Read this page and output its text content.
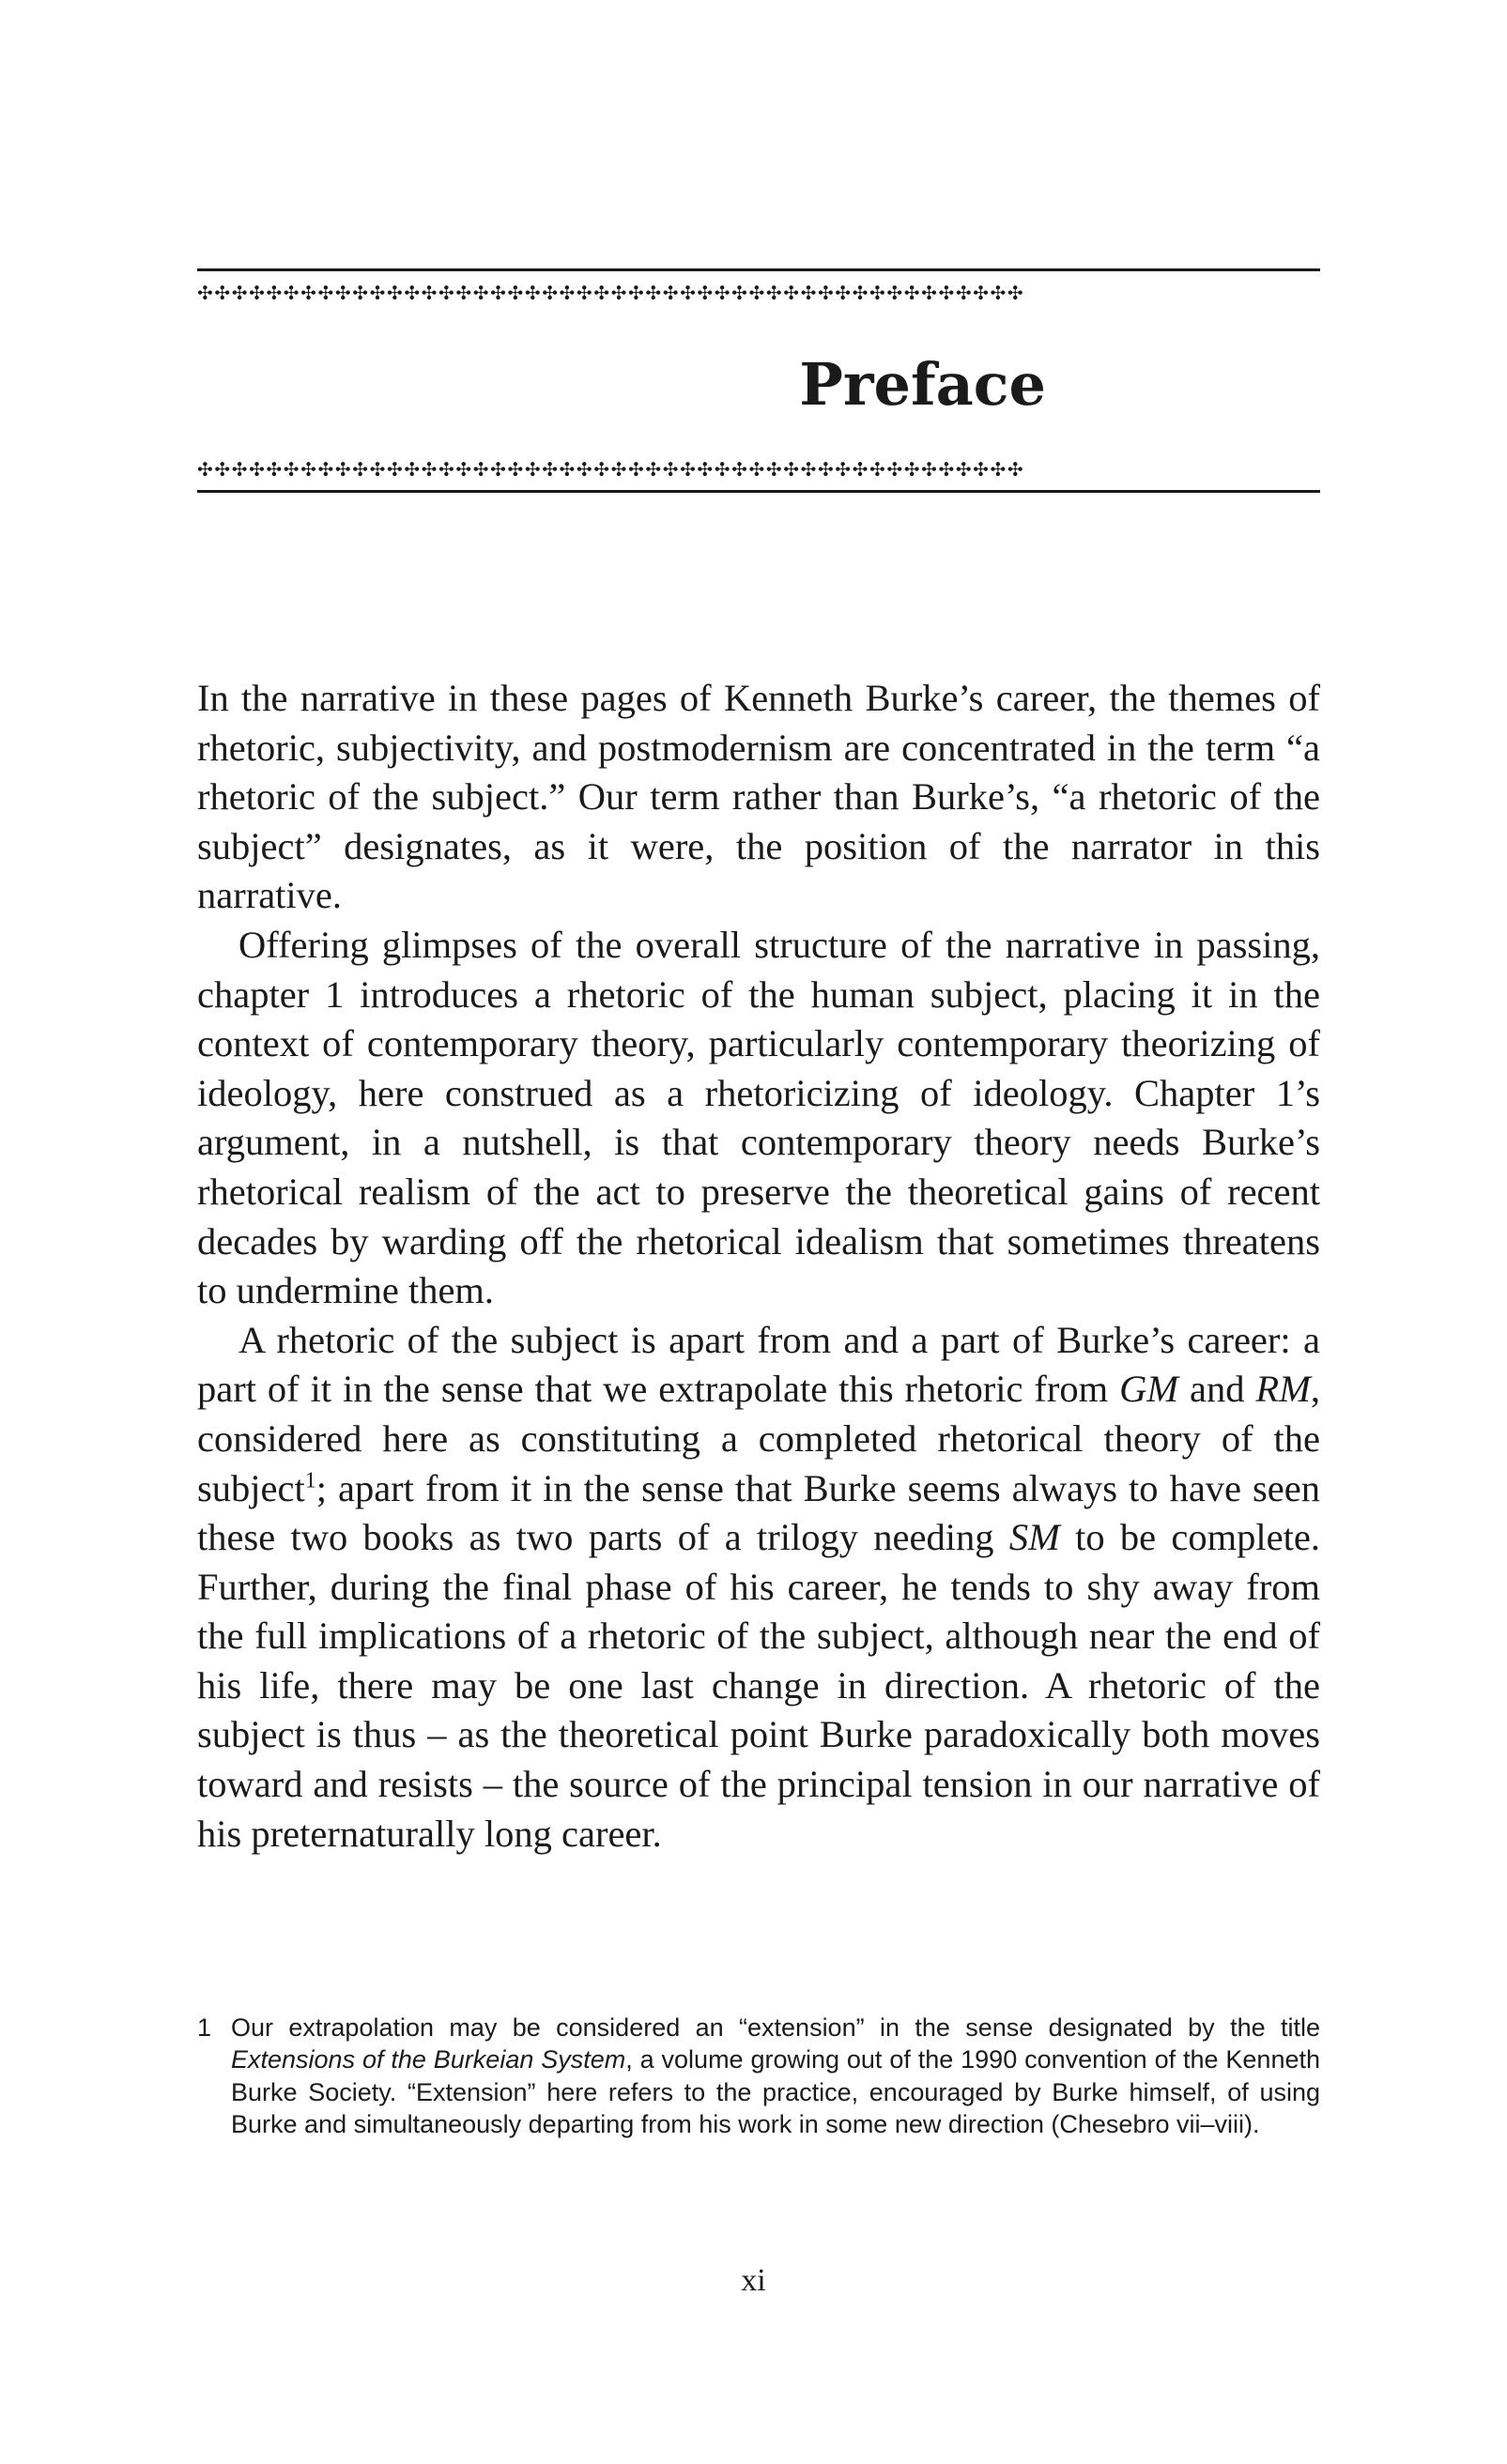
✣✣✣✣✣✣✣✣✣✣✣✣✣✣✣✣✣✣✣✣✣✣✣✣✣✣✣✣✣✣✣✣✣✣✣✣✣✣✣✣✣✣✣✣✣✣✣✣
Preface
✣✣✣✣✣✣✣✣✣✣✣✣✣✣✣✣✣✣✣✣✣✣✣✣✣✣✣✣✣✣✣✣✣✣✣✣✣✣✣✣✣✣✣✣✣✣✣✣

In the narrative in these pages of Kenneth Burke’s career, the themes of rhetoric, subjectivity, and postmodernism are concentrated in the term “a rhetoric of the subject.” Our term rather than Burke’s, “a rhetoric of the subject” designates, as it were, the position of the narrator in this narrative.

Offering glimpses of the overall structure of the narrative in passing, chapter 1 introduces a rhetoric of the human subject, placing it in the context of contemporary theory, particularly contemporary theorizing of ideology, here construed as a rhetoricizing of ideology. Chapter 1’s argument, in a nutshell, is that contemporary theory needs Burke’s rhetorical realism of the act to preserve the theoretical gains of recent decades by warding off the rhetorical idealism that sometimes threatens to undermine them.

A rhetoric of the subject is apart from and a part of Burke’s career: a part of it in the sense that we extrapolate this rhetoric from GM and RM, considered here as constituting a completed rhetorical theory of the subject$^1$; apart from it in the sense that Burke seems always to have seen these two books as two parts of a trilogy needing SM to be complete. Further, during the final phase of his career, he tends to shy away from the full implications of a rhetoric of the subject, although near the end of his life, there may be one last change in direction. A rhetoric of the subject is thus – as the theoretical point Burke paradoxically both moves toward and resists – the source of the principal tension in our narrative of his preternaturally long career.

1 Our extrapolation may be considered an “extension” in the sense designated by the title Extensions of the Burkeian System, a volume growing out of the 1990 convention of the Kenneth Burke Society. “Extension” here refers to the practice, encouraged by Burke himself, of using Burke and simultaneously departing from his work in some new direction (Chesebro vii–viii).
xi
